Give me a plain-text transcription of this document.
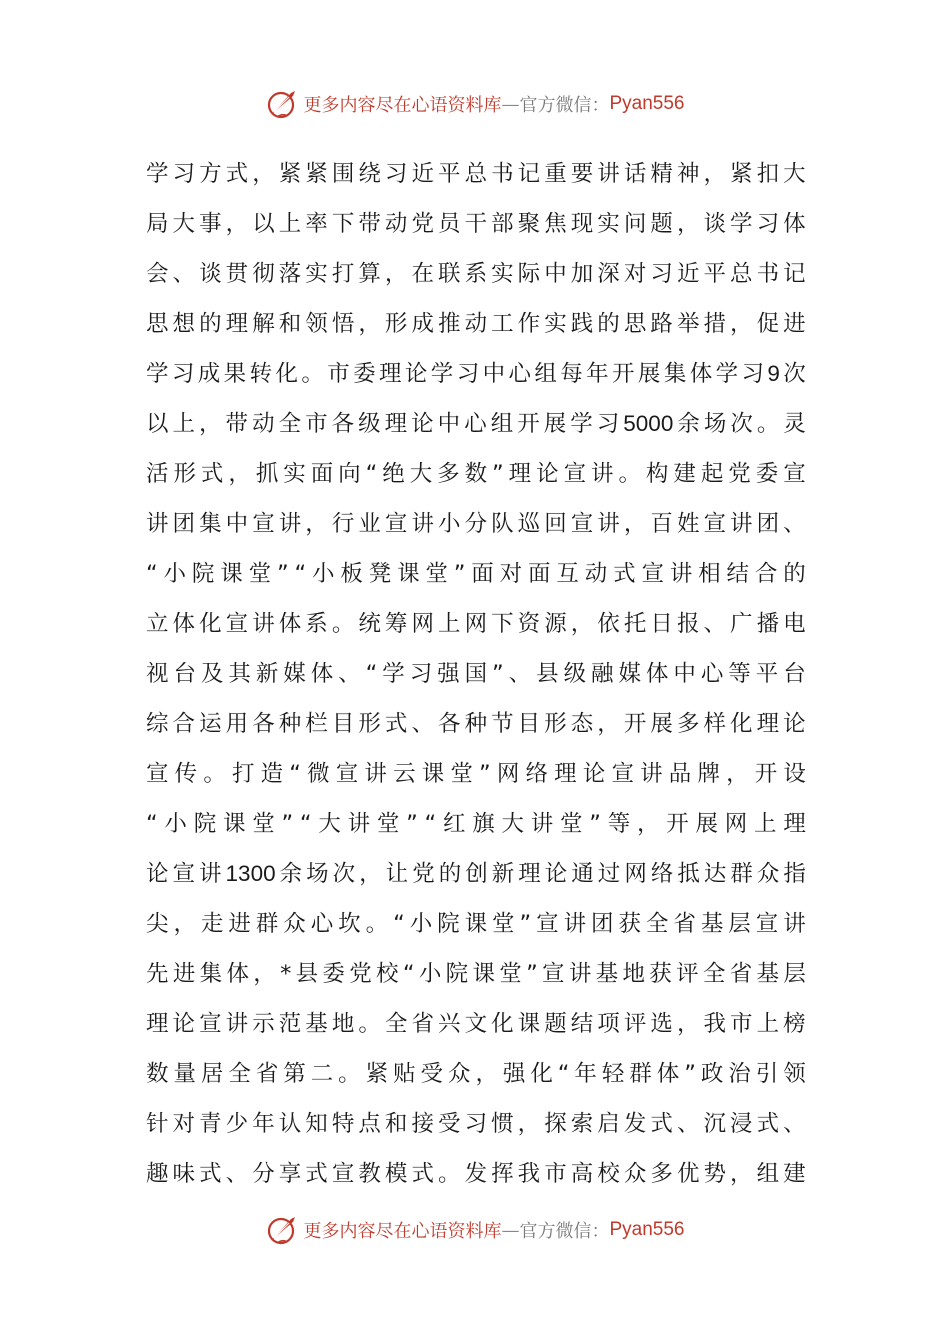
更多内容尽在心语资料库 — 官方微信： Pyan556
学 习 方 式 ， 紧 紧 围 绕 习 近 平 总 书 记 重 要 讲 话 精 神 ， 紧 扣 大
局 大 事 ， 以 上 率 下 带 动 党 员 干 部 聚 焦 现 实 问 题 ， 谈 学 习 体
会 、 谈 贯 彻 落 实 打 算 ， 在 联 系 实 际 中 加 深 对 习 近 平 总 书 记
思 想 的 理 解 和 领 悟 ， 形 成 推 动 工 作 实 践 的 思 路 举 措 ， 促 进
学 习 成 果 转 化 。 市 委 理 论 学 习 中 心 组 每 年 开 展 集 体 学 习 9 次
以 上 ， 带 动 全 市 各 级 理 论 中 心 组 开 展 学 习 5000 余 场 次 。 灵
活 形 式 ， 抓 实 面 向 “ 绝 大 多 数 ” 理 论 宣 讲 。 构 建 起 党 委 宣
讲 团 集 中 宣 讲 ， 行 业 宣 讲 小 分 队 巡 回 宣 讲 ， 百 姓 宣 讲 团 、
“ 小 院 课 堂 ” “ 小 板 凳 课 堂 ” 面 对 面 互 动 式 宣 讲 相 结 合 的
立 体 化 宣 讲 体 系 。 统 筹 网 上 网 下 资 源 ， 依 托 日 报 、 广 播 电
视 台 及 其 新 媒 体 、 “ 学 习 强 国 ” 、 县 级 融 媒 体 中 心 等 平 台
综 合 运 用 各 种 栏 目 形 式 、 各 种 节 目 形 态 ， 开 展 多 样 化 理 论
宣 传 。 打 造 “ 微 宣 讲 云 课 堂 ” 网 络 理 论 宣 讲 品 牌 ， 开 设
“ 小 院 课 堂 ” “ 大 讲 堂 ” “ 红 旗 大 讲 堂 ” 等 ， 开 展 网 上 理
论 宣 讲 1300 余 场 次 ， 让 党 的 创 新 理 论 通 过 网 络 抵 达 群 众 指
尖 ， 走 进 群 众 心 坎 。 “ 小 院 课 堂 ” 宣 讲 团 获 全 省 基 层 宣 讲
先 进 集 体 ， * 县 委 党 校 “ 小 院 课 堂 ” 宣 讲 基 地 获 评 全 省 基 层
理 论 宣 讲 示 范 基 地 。 全 省 兴 文 化 课 题 结 项 评 选 ， 我 市 上 榜
数 量 居 全 省 第 二 。 紧 贴 受 众 ， 强 化 “ 年 轻 群 体 ” 政 治 引 领
针 对 青 少 年 认 知 特 点 和 接 受 习 惯 ， 探 索 启 发 式 、 沉 浸 式 、
趣 味 式 、 分 享 式 宣 教 模 式 。 发 挥 我 市 高 校 众 多 优 势 ， 组 建
更多内容尽在心语资料库 — 官方微信： Pyan556
